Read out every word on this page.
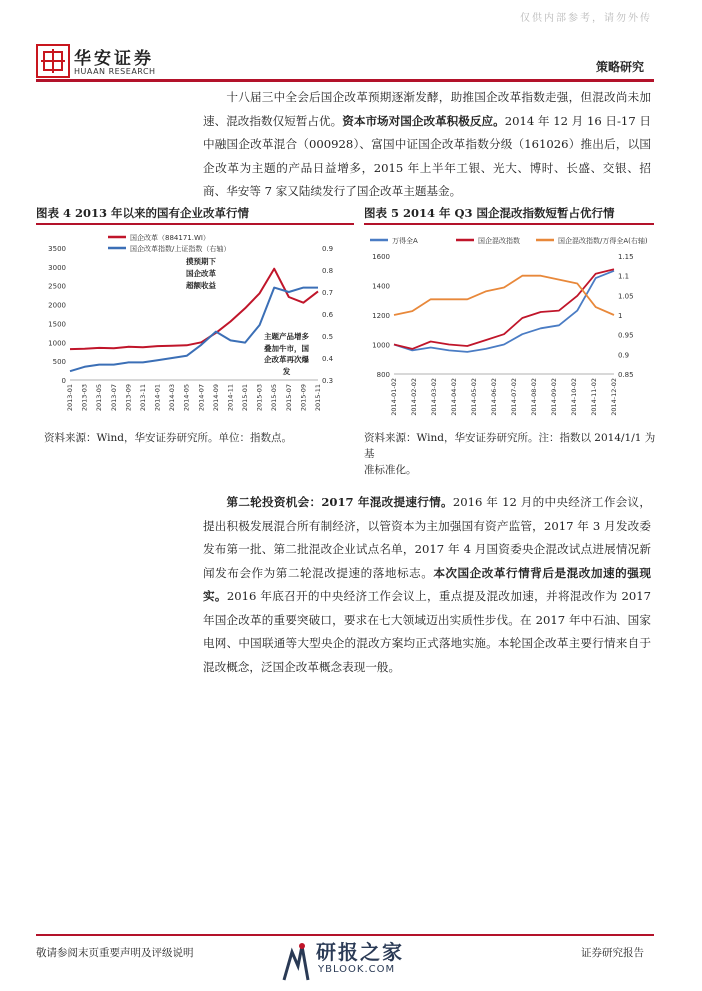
仅供内部参考，请勿外传
华安证券
HUAAN RESEARCH	策略研究
十八届三中全会后国企改革预期逐渐发酵，助推国企改革指数走强，但混改尚未加速、混改指数仅短暂占优。资本市场对国企改革积极反应。2014 年 12 月 16 日-17 日中融国企改革混合（000928）、富国中证国企改革指数分级（161026）推出后，以国企改革为主题的产品日益增多，2015 年上半年工银、光大、博时、长盛、交银、招商、华安等 7 家又陆续发行了国企改革主题基金。
图表 4 2013 年以来的国有企业改革行情	图表 5 2014 年 Q3 国企混改指数短暂占优行情
0
500
1000
1500
2000
2500
3000
3500
0.3
0.4
0.5
0.6
0.7
0.8
0.9
2013-01 2013-03 2013-05 2013-07 2013-09 2013-11 2014-01 2014-03 2014-05 2014-07 2014-09 2014-11 2015-01 2015-03 2015-05 2015-07 2015-09 2015-11
国企改革（884171.WI）
国企改革指数/上证指数（右轴）
摸预期下
国企改革
超额收益
主题产品增多
叠加牛市，国
企改革再次爆
发	800
1000
1200
1400
1600
0.85
0.9
0.95
1
1.05
1.1
1.15
2014-01-02 2014-02-02 2014-03-02 2014-04-02 2014-05-02 2014-06-02 2014-07-02 2014-08-02 2014-09-02 2014-10-02 2014-11-02 2014-12-02
万得全A	国企混改指数	国企混改指数/万得全A(右轴)
资料来源：Wind，华安证券研究所。单位：指数点。	资料来源：Wind，华安证券研究所。注：指数以 2014/1/1 为基
准标准化。
第二轮投资机会：2017 年混改提速行情。2016 年 12 月的中央经济工作会议，提出积极发展混合所有制经济，以管资本为主加强国有资产监管，2017 年 3 月发改委发布第一批、第二批混改企业试点名单，2017 年 4 月国资委央企混改试点进展情况新闻发布会作为第二轮混改提速的落地标志。本次国企改革行情背后是混改加速的强现实。2016 年底召开的中央经济工作会议上，重点提及混改加速，并将混改作为 2017 年国企改革的重要突破口，要求在七大领域迈出实质性步伐。在 2017 年中石油、国家电网、中国联通等大型央企的混改方案均正式落地实施。本轮国企改革主要行情来自于混改概念，泛国企改革概念表现一般。
敬请参阅末页重要声明及评级说明	证券研究报告
研报之家
YBLOOK.COM
